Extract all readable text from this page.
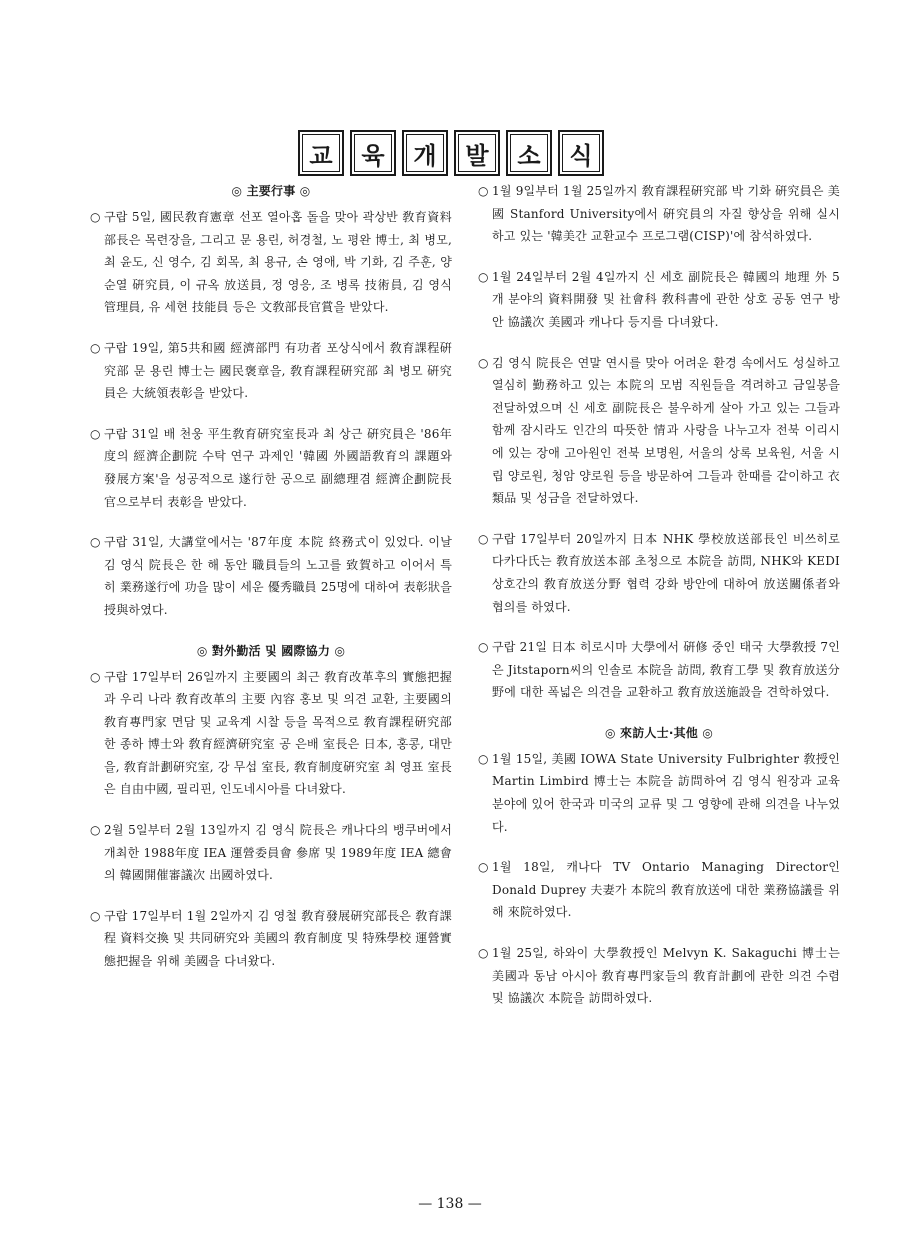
교	육	개	발	소	식
◎ 主要行事 ◎
○ 구랍 5일, 國民敎育憲章 선포 열아홉 돌을 맞아 곽상반 敎育資料部長은 목련장을, 그리고 문 용린, 허경철, 노 평완 博士, 최 병모, 최 윤도, 신 영수, 김 회목, 최 용규, 손 영애, 박 기화, 김 주훈, 양순열 硏究員, 이 규옥 放送員, 정 영응, 조 병록 技術員, 김 영식 管理員, 유 세현 技能員 등은 文敎部長官賞을 받았다.
○ 구랍 19일, 第5共和國 經濟部門 有功者 포상식에서 敎育課程硏究部 문 용린 博士는 國民褒章을, 敎育課程硏究部 최 병모 硏究員은 大統領表彰을 받았다.
○ 구랍 31일 배 천웅 平生敎育硏究室長과 최 상근 硏究員은 '86年度의 經濟企劃院 수탁 연구 과제인 '韓國 外國語敎育의 課題와 發展方案'을 성공적으로 遂行한 공으로 副總理겸 經濟企劃院長官으로부터 表彰을 받았다.
○ 구랍 31일, 大講堂에서는 '87年度 本院 終務式이 있었다. 이날 김 영식 院長은 한 해 동안 職員들의 노고를 致賀하고 이어서 특히 業務遂行에 功을 많이 세운 優秀職員 25명에 대하여 表彰狀을 授與하였다.
◎ 對外勤活 및 國際協力 ◎
○ 구랍 17일부터 26일까지 主要國의 최근 敎育改革후의 實態把握과 우리 나라 敎育改革의 主要 內容 홍보 및 의견 교환, 主要國의 敎育專門家 면담 및 교육계 시찰 등을 목적으로 敎育課程硏究部 한 종하 博士와 敎育經濟硏究室 공 은배 室長은 日本, 홍콩, 대만을, 敎育計劃硏究室, 강 무섭 室長, 敎育制度硏究室 최 영표 室長은 自由中國, 필리핀, 인도네시아를 다녀왔다.
○ 2월 5일부터 2월 13일까지 김 영식 院長은 캐나다의 뱅쿠버에서 개최한 1988年度 IEA 運營委員會 參席 및 1989年度 IEA 總會의 韓國開催審議次 出國하였다.
○ 구랍 17일부터 1월 2일까지 김 영철 敎育發展硏究部長은 敎育課程 資料交換 및 共同硏究와 美國의 敎育制度 및 特殊學校 運營實態把握을 위해 美國을 다녀왔다.
○ 1월 9일부터 1월 25일까지 敎育課程硏究部 박 기화 硏究員은 美國 Stanford University에서 硏究員의 자질 향상을 위해 실시하고 있는 '韓美간 교환교수 프로그램(CISP)'에 참석하였다.
○ 1월 24일부터 2월 4일까지 신 세호 副院長은 韓國의 地理 外 5개 분야의 資料開發 및 社會科 敎科書에 관한 상호 공동 연구 방안 協議次 美國과 캐나다 등지를 다녀왔다.
○ 김 영식 院長은 연말 연시를 맞아 어려운 환경 속에서도 성실하고 열심히 勤務하고 있는 本院의 모범 직원들을 격려하고 금일봉을 전달하였으며 신 세호 副院長은 불우하게 살아 가고 있는 그들과 함께 잠시라도 인간의 따뜻한 情과 사랑을 나누고자 전북 이리시에 있는 장애 고아원인 전북 보명원, 서울의 상록 보육원, 서울 시립 양로원, 청암 양로원 등을 방문하여 그들과 한때를 같이하고 衣類品 및 성금을 전달하였다.
○ 구랍 17일부터 20일까지 日本 NHK 學校放送部長인 비쓰히로 다카다氏는 敎育放送本部 초청으로 本院을 訪問, NHK와 KEDI 상호간의 敎育放送分野 협력 강화 방안에 대하여 放送關係者와 협의를 하였다.
○ 구랍 21일 日本 히로시마 大學에서 硏修 중인 태국 大學敎授 7인은 Jitstaporn씨의 인솔로 本院을 訪問, 敎育工學 및 敎育放送分野에 대한 폭넓은 의견을 교환하고 敎育放送施設을 견학하였다.
◎ 來訪人士·其他 ◎
○ 1월 15일, 美國 IOWA State University Fulbrighter 敎授인 Martin Limbird 博士는 本院을 訪問하여 김 영식 원장과 교육 분야에 있어 한국과 미국의 교류 및 그 영향에 관해 의견을 나누었다.
○ 1월 18일, 캐나다 TV Ontario Managing Director인 Donald Duprey 夫妻가 本院의 敎育放送에 대한 業務協議를 위해 來院하였다.
○ 1월 25일, 하와이 大學敎授인 Melvyn K. Sakaguchi 博士는 美國과 동남 아시아 敎育專門家들의 敎育計劃에 관한 의견 수렴 및 協議次 本院을 訪問하였다.
— 138 —
